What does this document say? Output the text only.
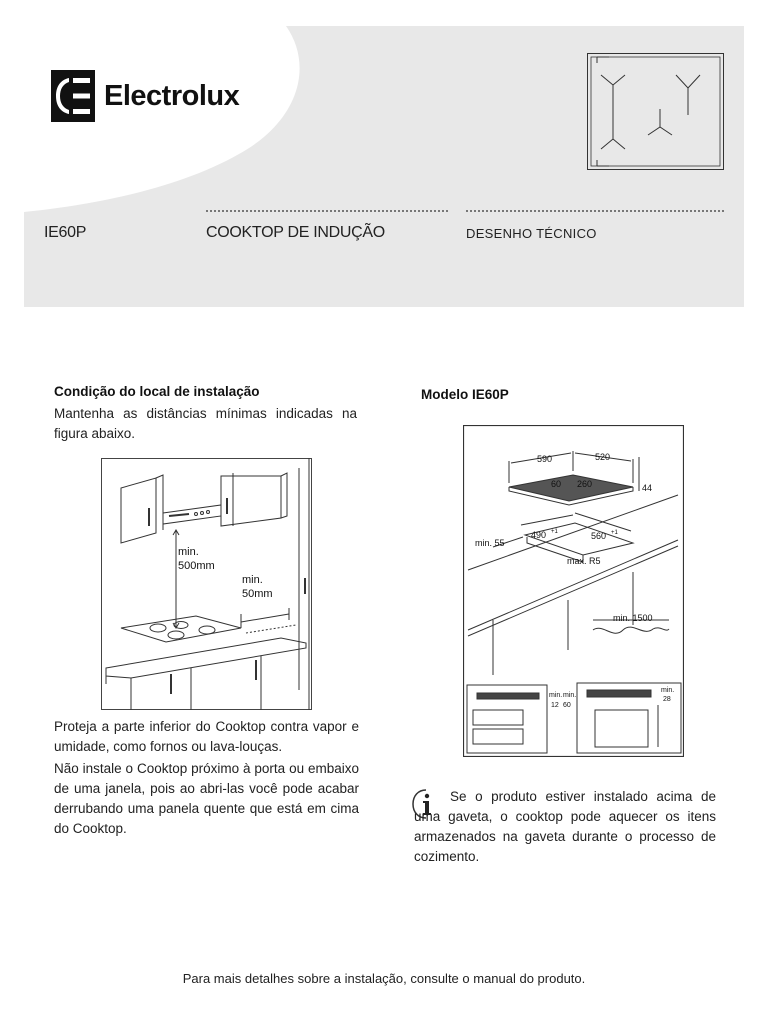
Electrolux
IE60P	COOKTOP DE INDUÇÃO	DESENHO TÉCNICO
Condição do local de instalação
Mantenha as distâncias mínimas indicadas na figura abaixo.
min.
500mm
min.
50mm
Proteja a parte inferior do Cooktop contra vapor e umidade, como fornos ou lava-louças.
Não instale o Cooktop próximo à porta ou embaixo de uma janela, pois ao abri-las você pode acabar derrubando uma panela quente que está em cima do Cooktop.
Modelo IE60P
590	520
44
60 260
490 +1	560 +1
min. 55
max. R5
min. 1500
min. min.
12 60
min.
28
Se o produto estiver instalado acima de uma gaveta, o cooktop pode aquecer os itens armazenados na gaveta durante o processo de cozimento.
Para mais detalhes sobre a instalação, consulte o manual do produto.
